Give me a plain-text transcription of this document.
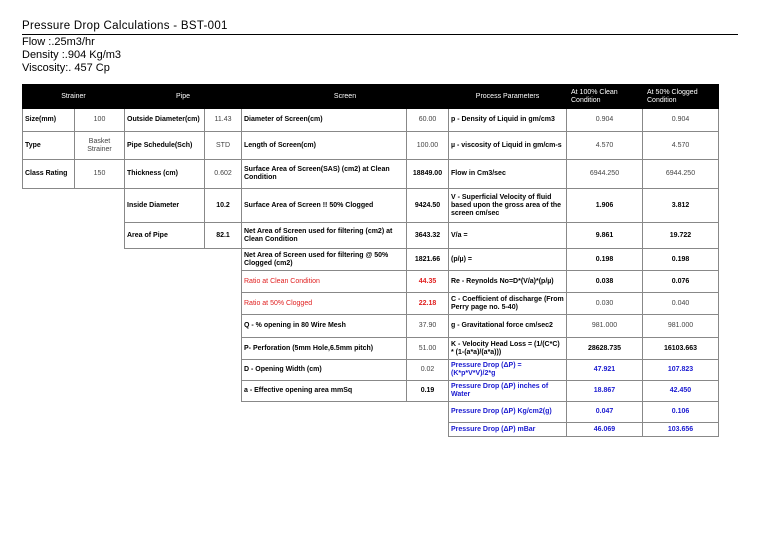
Pressure Drop Calculations - BST-001
Flow :.25m3/hr
Density :.904 Kg/m3
Viscosity:. 457 Cp
Strainer		Pipe		Screen		Process Parameters	At 100% Clean Condition	At 50% Clogged Condition
Size(mm)	100	Outside Diameter(cm)	11.43	Diameter of Screen(cm)	60.00	p - Density of Liquid in gm/cm3	0.904	0.904
Type	Basket Strainer	Pipe Schedule(Sch)	STD	Length of Screen(cm)	100.00	µ - viscosity of Liquid in gm/cm-s	4.570	4.570
Class Rating	150	Thickness (cm)	0.602	Surface Area of Screen(SAS) (cm2) at Clean Condition	18849.00	Flow in Cm3/sec	6944.250	6944.250
		Inside Diameter	10.2	Surface Area of Screen !! 50% Clogged	9424.50	V - Superficial Velocity of fluid based upon the gross area of the screen cm/sec	1.906	3.812
		Area of Pipe	82.1	Net Area of Screen used for filtering (cm2) at Clean Condition	3643.32	V/a =	9.861	19.722
				Net Area of Screen used for filtering @ 50% Clogged (cm2)	1821.66	(p/µ) =	0.198	0.198
				Ratio at Clean Condition	44.35	Re - Reynolds No=D*(V/a)*(p/µ)	0.038	0.076
				Ratio at 50% Clogged	22.18	C - Coefficient of discharge (From Perry page no. 5-40)	0.030	0.040
				Q - % opening in 80 Wire Mesh	37.90	g - Gravitational force cm/sec2	981.000	981.000
				P- Perforation (5mm Hole,6.5mm pitch)	51.00	K - Velocity Head Loss = (1/(C*C) * (1-(a*a)/(a*a)))	28628.735	16103.663
				D - Opening Width (cm)	0.02	Pressure Drop (ΔP) = (K*p*V*V)/2*g	47.921	107.823
				a - Effective opening area mmSq	0.19	Pressure Drop (ΔP) inches of Water	18.867	42.450
						Pressure Drop (ΔP) Kg/cm2(g)	0.047	0.106
						Pressure Drop (ΔP) mBar	46.069	103.656
